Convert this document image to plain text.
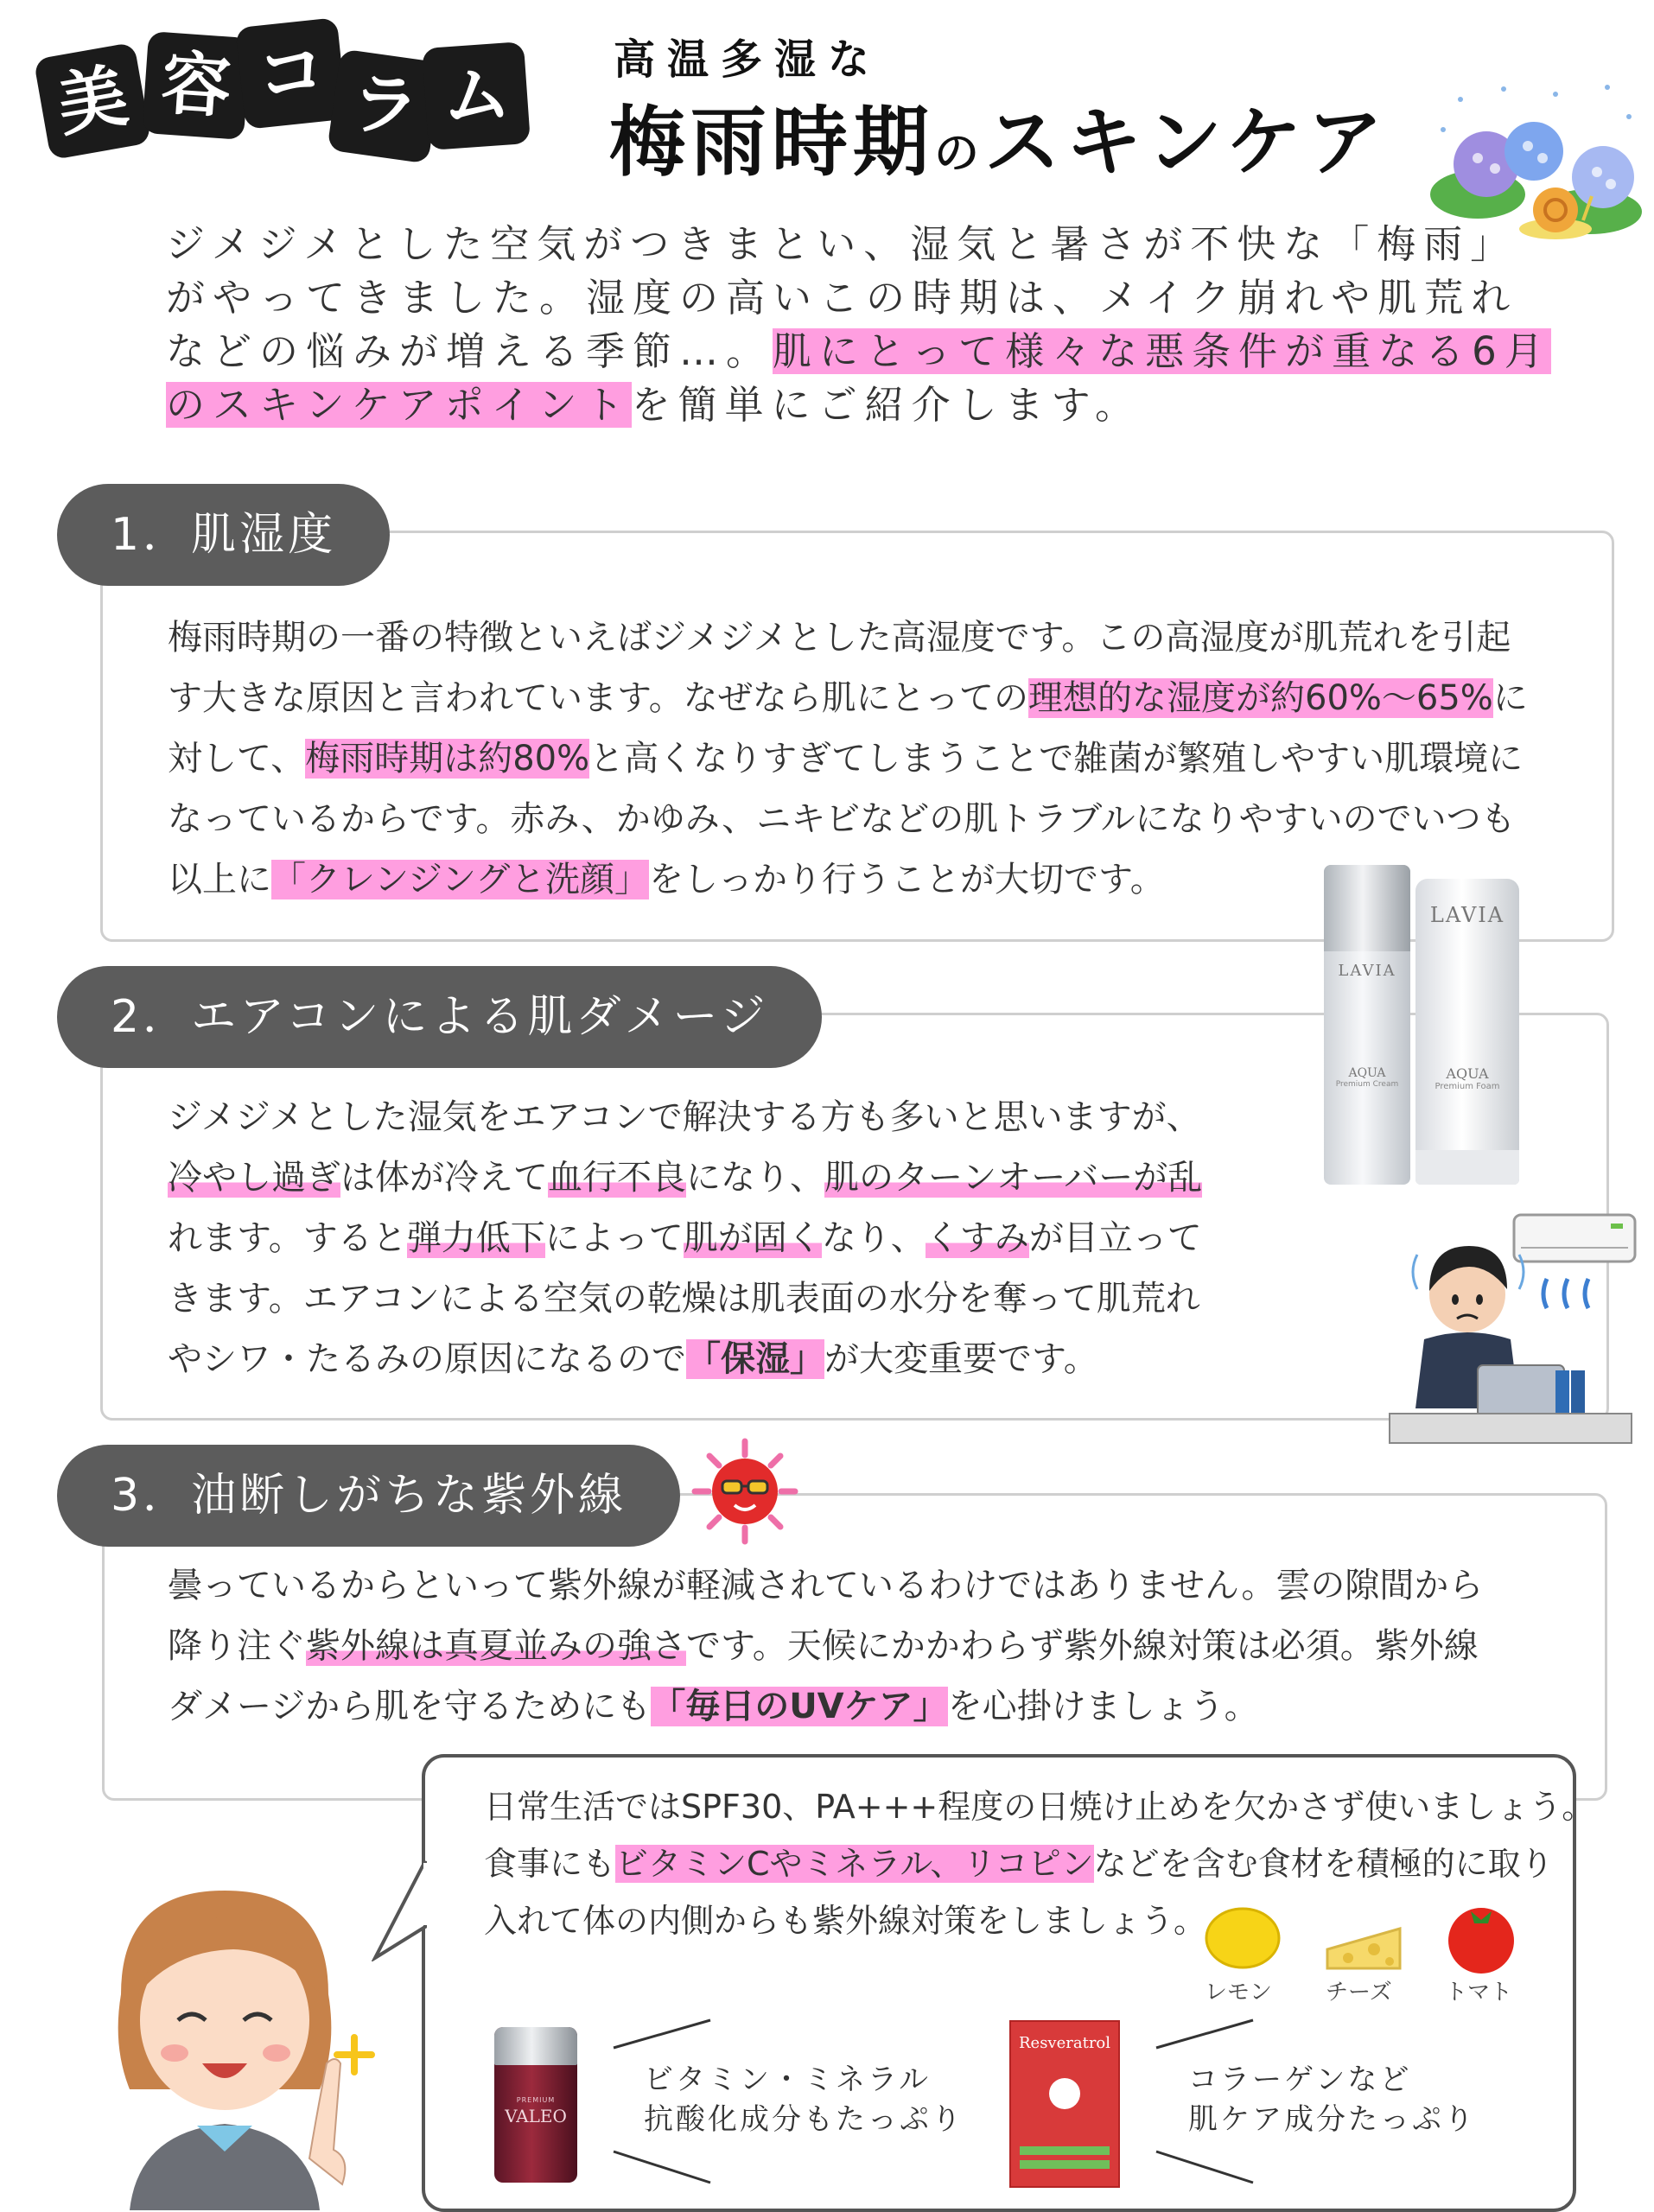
美 容 コ ラ ム	高温多湿な
梅雨時期のスキンケア
ジメジメとした空気がつきまとい、湿気と暑さが不快な「梅雨」
がやってきました。湿度の高いこの時期は、メイク崩れや肌荒れ
などの悩みが増える季節…。肌にとって様々な悪条件が重なる6月
のスキンケアポイントを簡単にご紹介します。
1．肌湿度
梅雨時期の一番の特徴といえばジメジメとした高湿度です。この高湿度が肌荒れを引起
す大きな原因と言われています。なぜなら肌にとっての理想的な湿度が約60%～65%に
対して、梅雨時期は約80%と高くなりすぎてしまうことで雑菌が繁殖しやすい肌環境に
なっているからです。赤み、かゆみ、ニキビなどの肌トラブルになりやすいのでいつも
以上に「クレンジングと洗顔」をしっかり行うことが大切です。
2．エアコンによる肌ダメージ
ジメジメとした湿気をエアコンで解決する方も多いと思いますが、
冷やし過ぎは体が冷えて血行不良になり、肌のターンオーバーが乱
れます。すると弾力低下によって肌が固くなり、くすみが目立って
きます。エアコンによる空気の乾燥は肌表面の水分を奪って肌荒れ
やシワ・たるみの原因になるので「保湿」が大変重要です。
LAVIA
AQUA
Premium Cream
LAVIA
AQUA
Premium Foam
3．油断しがちな紫外線
曇っているからといって紫外線が軽減されているわけではありません。雲の隙間から
降り注ぐ紫外線は真夏並みの強さです。天候にかかわらず紫外線対策は必須。紫外線
ダメージから肌を守るためにも「毎日のUVケア」を心掛けましょう。
日常生活ではSPF30、PA+++程度の日焼け止めを欠かさず使いましょう。
食事にもビタミンCやミネラル、リコピンなどを含む食材を積極的に取り
入れて体の内側からも紫外線対策をしましょう。
レモン チーズ トマト
PREMIUM
VALEO
ビタミン・ミネラル
抗酸化成分もたっぷり
Resveratrol
コラーゲンなど
肌ケア成分たっぷり
